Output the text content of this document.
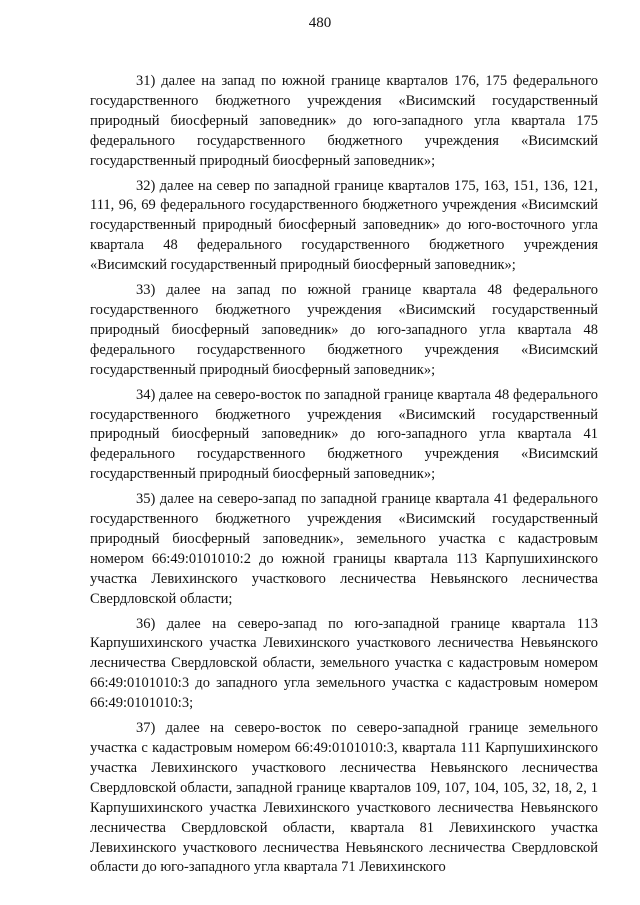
480

31) далее на запад по южной границе кварталов 176, 175 федерального государственного бюджетного учреждения «Висимский государственный природный биосферный заповедник» до юго-западного угла квартала 175 федерального государственного бюджетного учреждения «Висимский государственный природный биосферный заповедник»;

32) далее на север по западной границе кварталов 175, 163, 151, 136, 121, 111, 96, 69 федерального государственного бюджетного учреждения «Висимский государственный природный биосферный заповедник» до юго-восточного угла квартала 48 федерального государственного бюджетного учреждения «Висимский государственный природный биосферный заповедник»;

33) далее на запад по южной границе квартала 48 федерального государственного бюджетного учреждения «Висимский государственный природный биосферный заповедник» до юго-западного угла квартала 48 федерального государственного бюджетного учреждения «Висимский государственный природный биосферный заповедник»;

34) далее на северо-восток по западной границе квартала 48 федерального государственного бюджетного учреждения «Висимский государственный природный биосферный заповедник» до юго-западного угла квартала 41 федерального государственного бюджетного учреждения «Висимский государственный природный биосферный заповедник»;

35) далее на северо-запад по западной границе квартала 41 федерального государственного бюджетного учреждения «Висимский государственный природный биосферный заповедник», земельного участка с кадастровым номером 66:49:0101010:2 до южной границы квартала 113 Карпушихинского участка Левихинского участкового лесничества Невьянского лесничества Свердловской области;

36) далее на северо-запад по юго-западной границе квартала 113 Карпушихинского участка Левихинского участкового лесничества Невьянского лесничества Свердловской области, земельного участка с кадастровым номером 66:49:0101010:3 до западного угла земельного участка с кадастровым номером 66:49:0101010:3;

37) далее на северо-восток по северо-западной границе земельного участка с кадастровым номером 66:49:0101010:3, квартала 111 Карпушихинского участка Левихинского участкового лесничества Невьянского лесничества Свердловской области, западной границе кварталов 109, 107, 104, 105, 32, 18, 2, 1 Карпушихинского участка Левихинского участкового лесничества Невьянского лесничества Свердловской области, квартала 81 Левихинского участка Левихинского участкового лесничества Невьянского лесничества Свердловской области до юго-западного угла квартала 71 Левихинского
